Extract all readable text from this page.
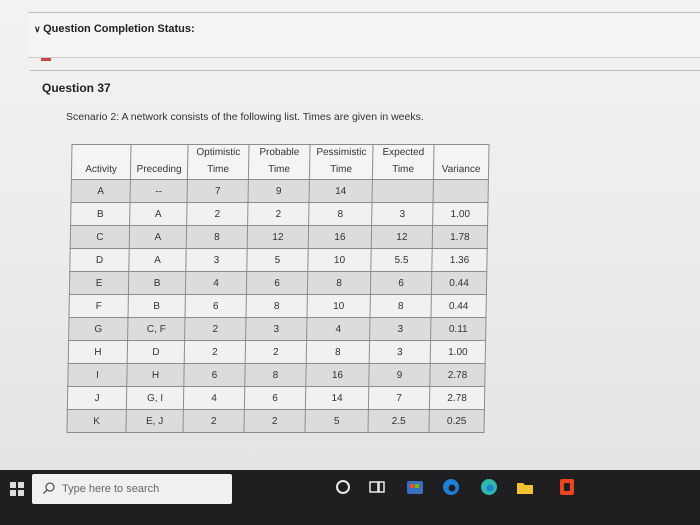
∨ Question Completion Status:
Question 37
Scenario 2: A network consists of the following list. Times are given in weeks.
		Optimistic	Probable	Pessimistic	Expected	
Activity	Preceding	Time	Time	Time	Time	Variance
A	--	7	9	14		
B	A	2	2	8	3	1.00
C	A	8	12	16	12	1.78
D	A	3	5	10	5.5	1.36
E	B	4	6	8	6	0.44
F	B	6	8	10	8	0.44
G	C, F	2	3	4	3	0.11
H	D	2	2	8	3	1.00
I	H	6	8	16	9	2.78
J	G, I	4	6	14	7	2.78
K	E, J	2	2	5	2.5	0.25
Type here to search
